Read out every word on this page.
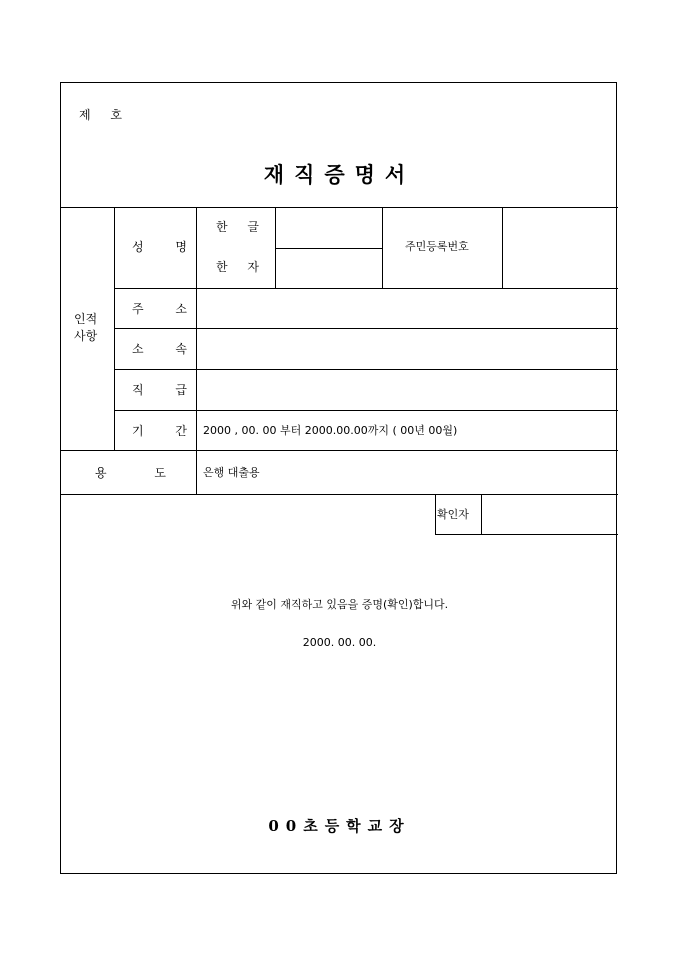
제 호
재직증명서
인적
사항
성 명
한 글
한 자
주민등록번호
주 소
소 속
직 급
기 간 2000 , 00. 00 부터 2000.00.00까지 ( 00년 00월)
용 도 은행 대출용
확인자
위와 같이 재직하고 있음을 증명(확인)합니다.
2000. 00. 00.
00초등학교장
